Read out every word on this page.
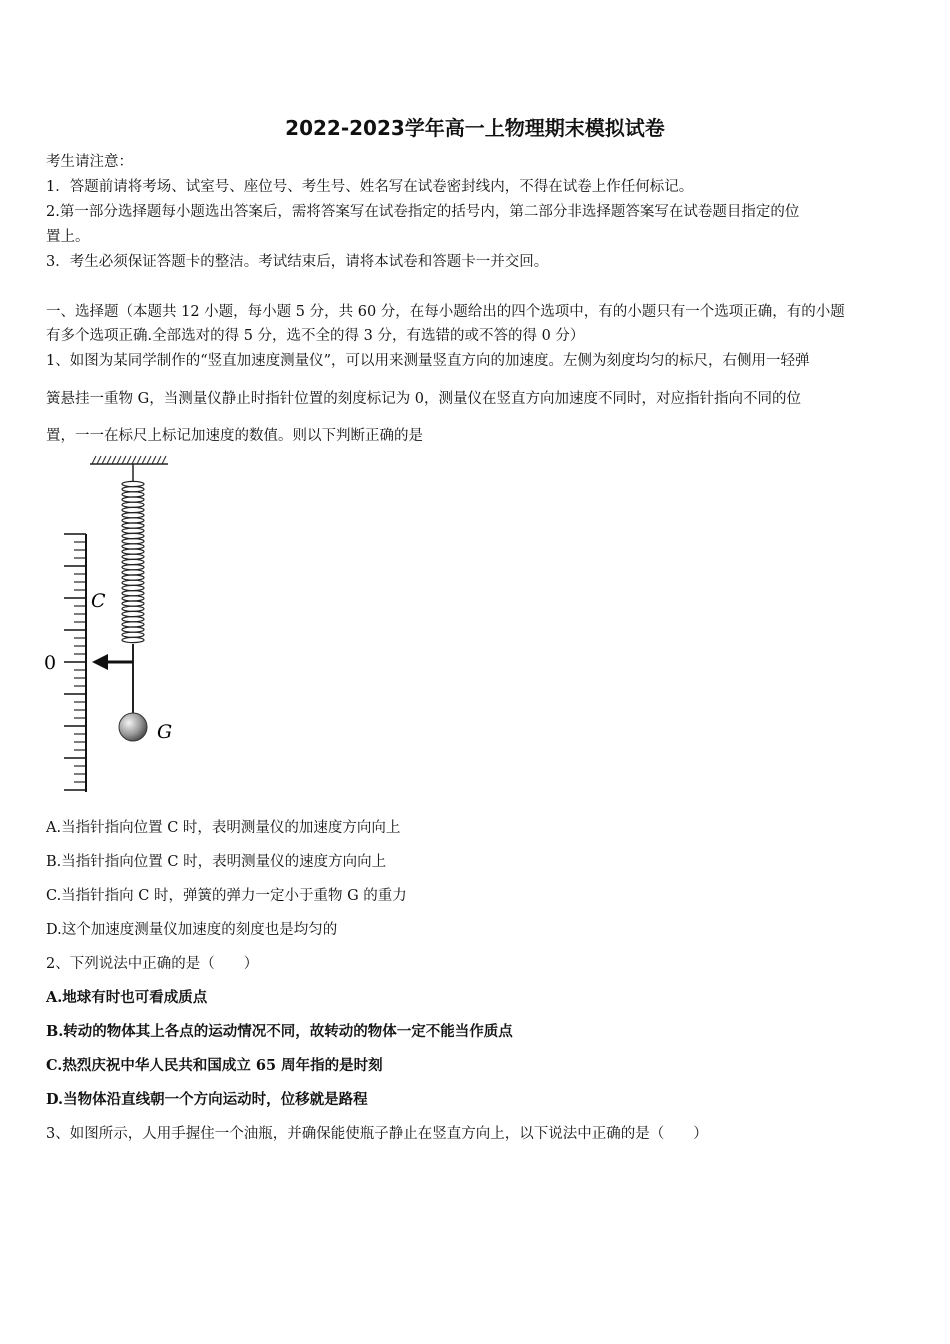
2022-2023学年高一上物理期末模拟试卷
考生请注意：
1．答题前请将考场、试室号、座位号、考生号、姓名写在试卷密封线内，不得在试卷上作任何标记。
2.第一部分选择题每小题选出答案后，需将答案写在试卷指定的括号内，第二部分非选择题答案写在试卷题目指定的位
置上。
3．考生必须保证答题卡的整洁。考试结束后，请将本试卷和答题卡一并交回。
一、选择题（本题共 12 小题，每小题 5 分，共 60 分，在每小题给出的四个选项中，有的小题只有一个选项正确，有的小题
有多个选项正确.全部选对的得 5 分，选不全的得 3 分，有选错的或不答的得 0 分）
1、如图为某同学制作的“竖直加速度测量仪”，可以用来测量竖直方向的加速度。左侧为刻度均匀的标尺，右侧用一轻弹
簧悬挂一重物 G，当测量仪静止时指针位置的刻度标记为 0，测量仪在竖直方向加速度不同时，对应指针指向不同的位
置，一一在标尺上标记加速度的数值。则以下判断正确的是
C
0
G
A.当指针指向位置 C 时，表明测量仪的加速度方向向上
B.当指针指向位置 C 时，表明测量仪的速度方向向上
C.当指针指向 C 时，弹簧的弹力一定小于重物 G 的重力
D.这个加速度测量仪加速度的刻度也是均匀的
2、下列说法中正确的是（　　）
A.地球有时也可看成质点
B.转动的物体其上各点的运动情况不同，故转动的物体一定不能当作质点
C.热烈庆祝中华人民共和国成立 65 周年指的是时刻
D.当物体沿直线朝一个方向运动时，位移就是路程
3、如图所示，人用手握住一个油瓶，并确保能使瓶子静止在竖直方向上，以下说法中正确的是（　　）
